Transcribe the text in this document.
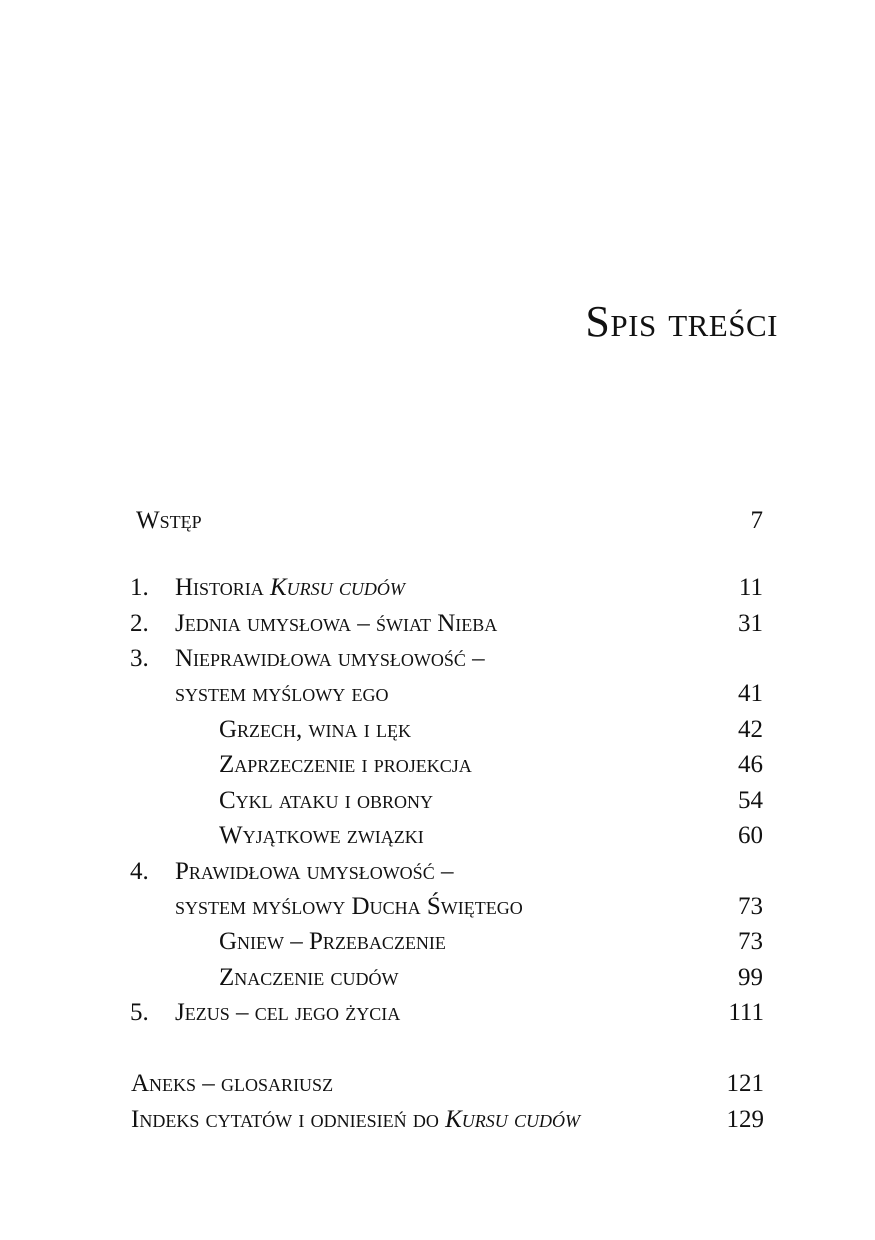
Spis treści
Wstęp	7
1. Historia Kursu cudów	11
2. Jednia umysłowa – świat Nieba	31
3. Nieprawidłowa umysłowość –
system myślowy ego	41
Grzech, wina i lęk	42
Zaprzeczenie i projekcja	46
Cykl ataku i obrony	54
Wyjątkowe związki	60
4. Prawidłowa umysłowość –
system myślowy Ducha Świętego	73
Gniew – Przebaczenie	73
Znaczenie cudów	99
5. Jezus – cel jego życia	111
Aneks – glosariusz	121
Indeks cytatów i odniesień do Kursu cudów	129
